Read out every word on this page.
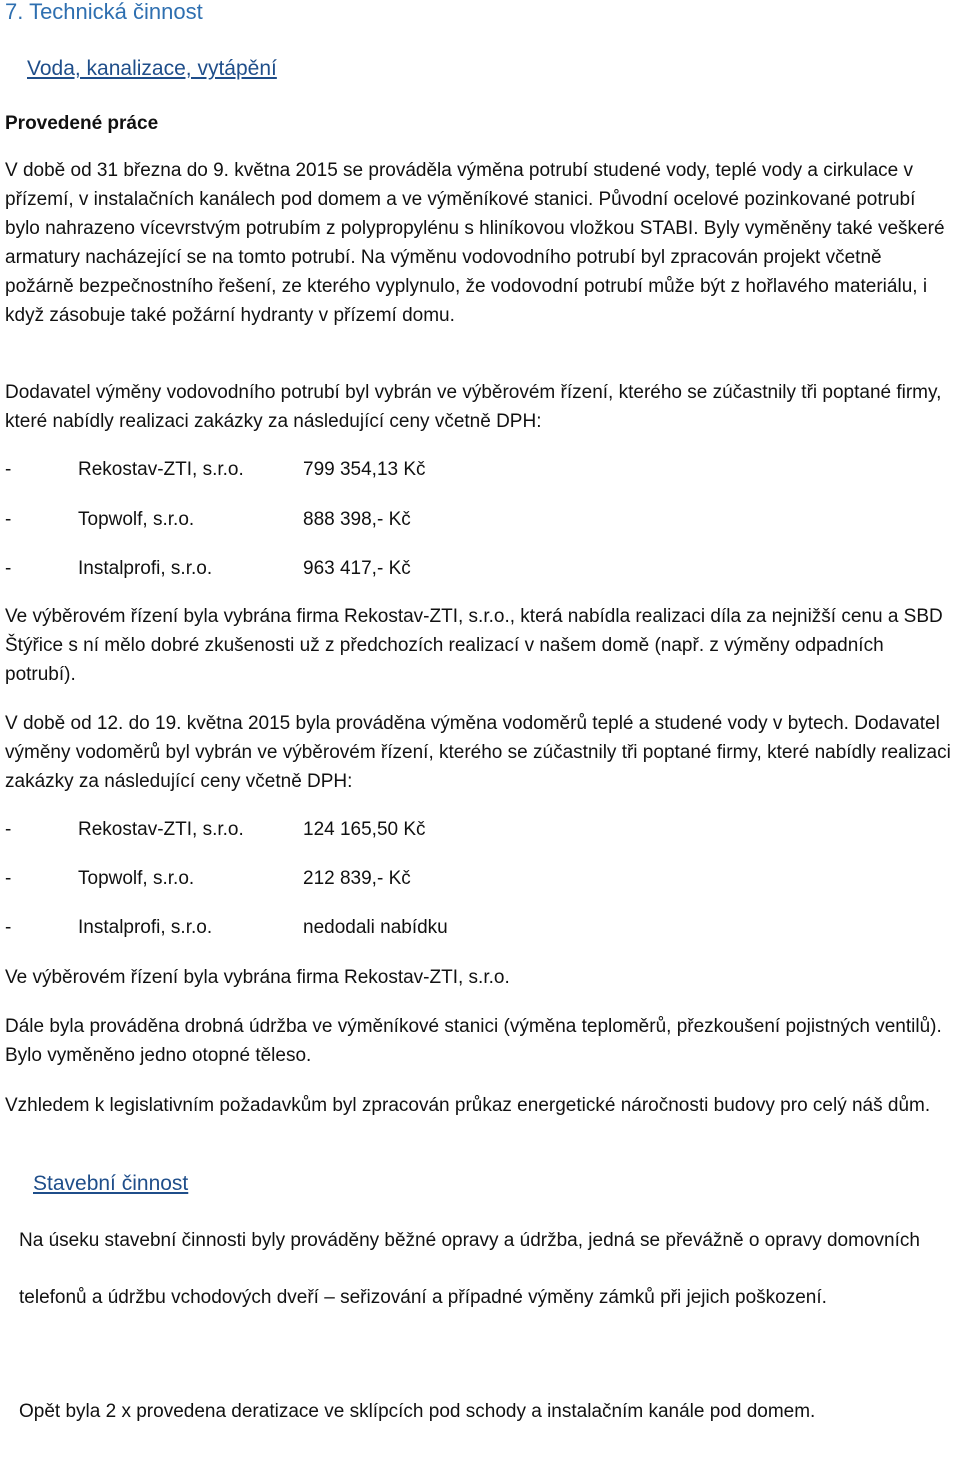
7. Technická činnost
Voda, kanalizace, vytápění
Provedené práce

V době od 31 března do 9. května 2015 se prováděla výměna potrubí studené vody, teplé vody a cirkulace v přízemí, v instalačních kanálech pod domem a ve výměníkové stanici. Původní ocelové pozinkované potrubí bylo nahrazeno vícevrstvým potrubím z polypropylénu s hliníkovou vložkou STABI. Byly vyměněny také veškeré armatury nacházející se na tomto potrubí. Na výměnu vodovodního potrubí byl zpracován projekt včetně požárně bezpečnostního řešení, ze kterého vyplynulo, že vodovodní potrubí může být z hořlavého materiálu, i když zásobuje také požární hydranty v přízemí domu.

Dodavatel výměny vodovodního potrubí byl vybrán ve výběrovém řízení, kterého se zúčastnily tři poptané firmy, které nabídly realizaci zakázky za následující ceny včetně DPH:

-	Rekostav-ZTI, s.r.o.	799 354,13 Kč
-	Topwolf, s.r.o.	888 398,- Kč
-	Instalprofi, s.r.o.	963 417,- Kč

Ve výběrovém řízení byla vybrána firma Rekostav-ZTI, s.r.o., která nabídla realizaci díla za nejnižší cenu a SBD Štýřice s ní mělo dobré zkušenosti už z předchozích realizací v našem domě (např. z výměny odpadních potrubí).

V době od 12. do 19. května 2015 byla prováděna výměna vodoměrů teplé a studené vody v bytech. Dodavatel výměny vodoměrů byl vybrán ve výběrovém řízení, kterého se zúčastnily tři poptané firmy, které nabídly realizaci zakázky za následující ceny včetně DPH:

-	Rekostav-ZTI, s.r.o.	124 165,50 Kč
-	Topwolf, s.r.o.	212 839,- Kč
-	Instalprofi, s.r.o.	nedodali nabídku

Ve výběrovém řízení byla vybrána firma Rekostav-ZTI, s.r.o.

Dále byla prováděna drobná údržba ve výměníkové stanici (výměna teploměrů, přezkoušení pojistných ventilů). Bylo vyměněno jedno otopné těleso.

Vzhledem k legislativním požadavkům byl zpracován průkaz energetické náročnosti budovy pro celý náš dům.

Stavební činnost

Na úseku stavební činnosti byly prováděny běžné opravy a údržba, jedná se převážně o opravy domovních telefonů a údržbu vchodových dveří – seřizování a případné výměny zámků při jejich poškození.

Opět byla 2 x provedena deratizace ve sklípcích pod schody a instalačním kanále pod domem.
